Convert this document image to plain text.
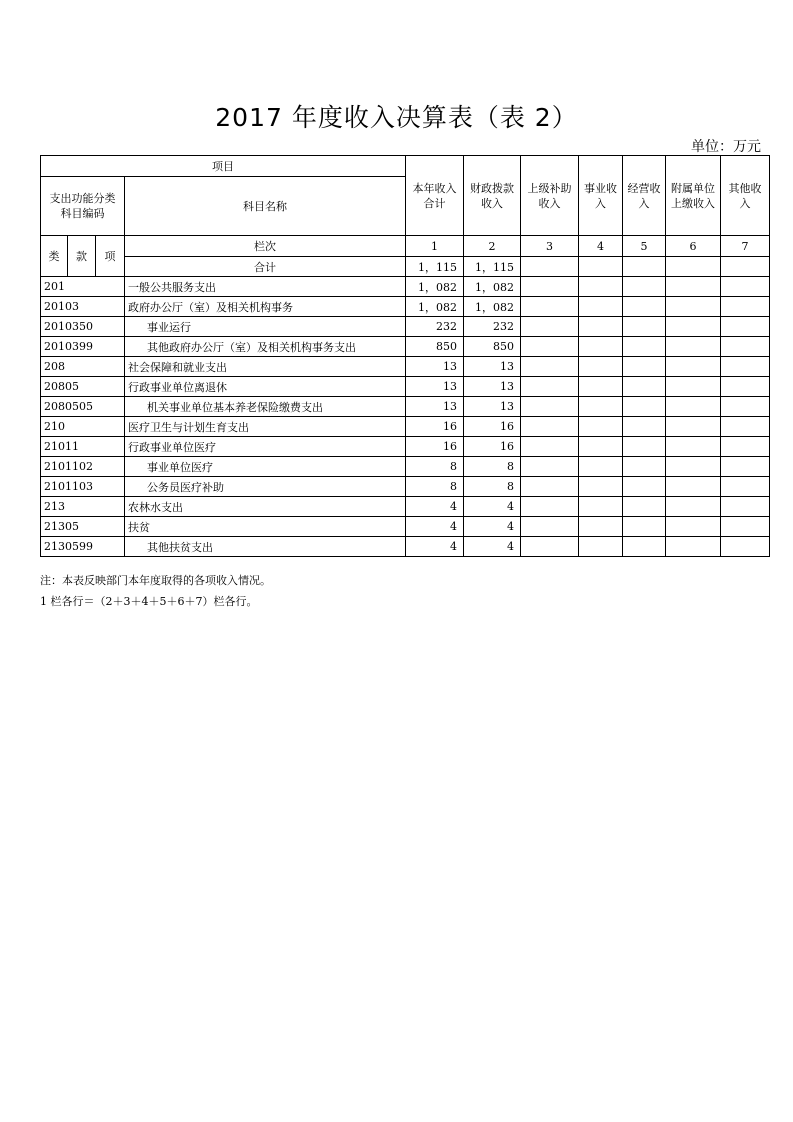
2017 年度收入决算表（表 2）
单位：万元
项目				本年收入合计	财政拨款收入	上级补助收入	事业收入	经营收入	附属单位上缴收入	其他收入
支出功能分类科目编码			科目名称							
类	款	项	栏次	1	2	3	4	5	6	7
			合计	1，115	1，115					
201			一般公共服务支出	1，082	1，082					
20103			政府办公厅（室）及相关机构事务	1，082	1，082					
2010350			事业运行	232	232					
2010399			其他政府办公厅（室）及相关机构事务支出	850	850					
208			社会保障和就业支出	13	13					
20805			行政事业单位离退休	13	13					
2080505			机关事业单位基本养老保险缴费支出	13	13					
210			医疗卫生与计划生育支出	16	16					
21011			行政事业单位医疗	16	16					
2101102			事业单位医疗	8	8					
2101103			公务员医疗补助	8	8					
213			农林水支出	4	4					
21305			扶贫	4	4					
2130599			其他扶贫支出	4	4					
注：本表反映部门本年度取得的各项收入情况。
1 栏各行＝（2＋3＋4＋5＋6＋7）栏各行。
